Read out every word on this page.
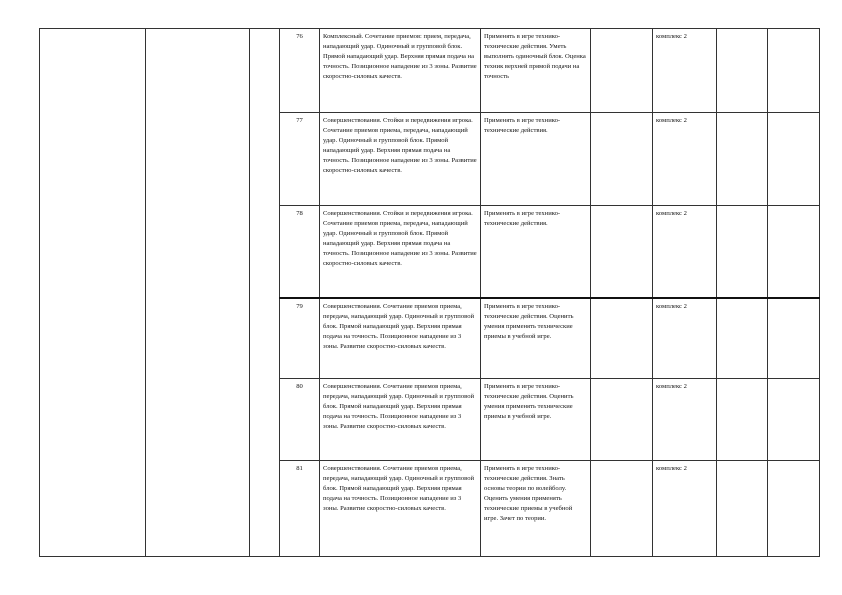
			76	Комплексный. Сочетание приемов: прием, передача, нападающий удар. Одиночный и групповой блок. Прямой нападающий удар. Верхняя прямая подача на точность. Позиционное нападение из 3 зоны. Развитие скоростно-силовых качеств.	Применять в игре технико-технические действия. Уметь выполнять одиночный блок. Оценка техник верхней прямой подачи на точность		комплекс 2		
			77	Совершенствования. Стойки и передвижения игрока. Сочетание приемов приема, передача, нападающий удар. Одиночный и групповой блок. Прямой нападающий удар. Верхняя прямая подача на точность. Позиционное нападение из 3 зоны. Развитие скоростно-силовых качеств.	Применять в игре технико-технические действия.		комплекс 2		
			78	Совершенствования. Стойки и передвижения игрока. Сочетание приемов приема, передача, нападающий удар. Одиночный и групповой блок. Прямой нападающий удар. Верхняя прямая подача на точность. Позиционное нападение из 3 зоны. Развитие скоростно-силовых качеств.	Применять в игре технико-технические действия.		комплекс 2		
			79	Совершенствования. Сочетание приемов приема, передача, нападающий удар. Одиночный и групповой блок. Прямой нападающий удар. Верхняя прямая подача на точность. Позиционное нападение из 3 зоны. Развитие скоростно-силовых качеств.	Применять в игре технико-технические действия. Оценить умения применять технические приемы в учебной игре.		комплекс 2		
			80	Совершенствования. Сочетание приемов приема, передача, нападающий удар. Одиночный и групповой блок. Прямой нападающий удар. Верхняя прямая подача на точность. Позиционное нападение из 3 зоны. Развитие скоростно-силовых качеств.	Применять в игре технико-технические действия. Оценить умения применять технические приемы в учебной игре.		комплекс 2		
			81	Совершенствования. Сочетание приемов приема, передача, нападающий удар. Одиночный и групповой блок. Прямой нападающий удар. Верхняя прямая подача на точность. Позиционное нападение из 3 зоны. Развитие скоростно-силовых качеств.	Применять в игре технико-технические действия. Знать основы теории по волейболу. Оценить умения применять технические приемы в учебной игре. Зачет по теории.		комплекс 2		
